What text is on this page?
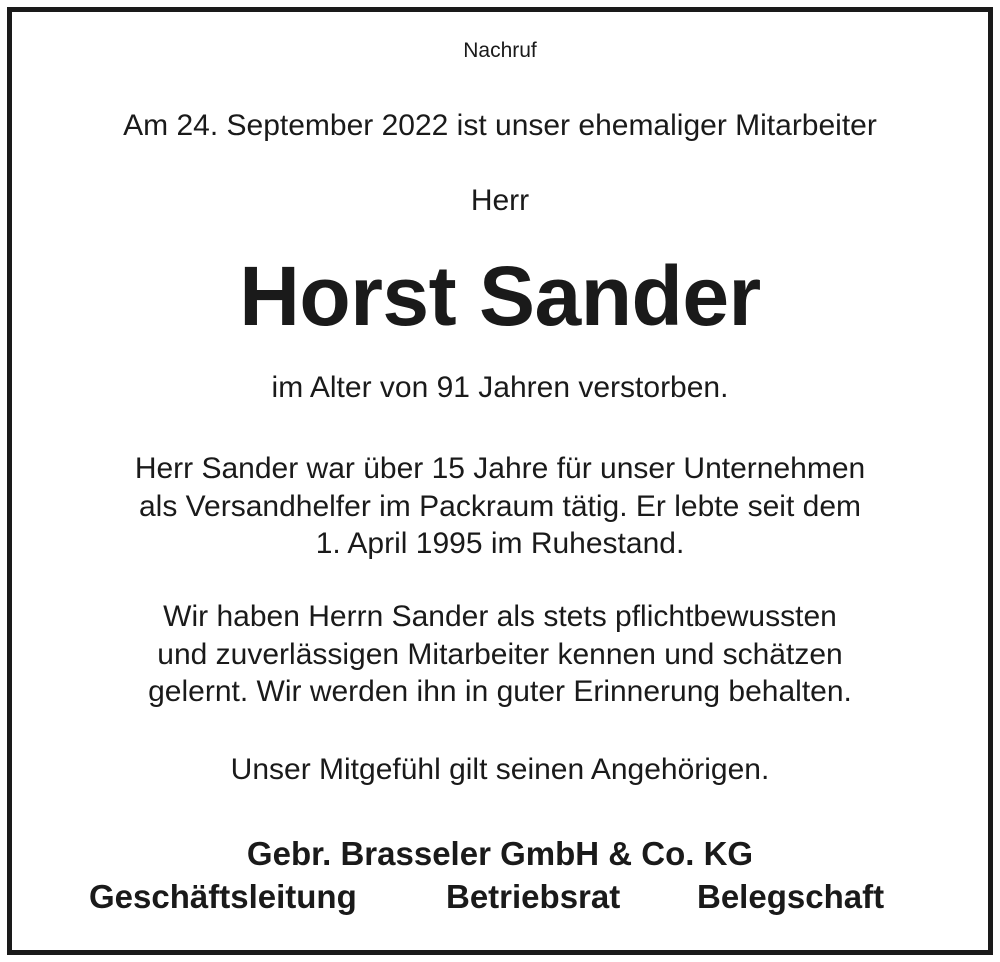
Nachruf
Am 24. September 2022 ist unser ehemaliger Mitarbeiter
Herr
Horst Sander
im Alter von 91 Jahren verstorben.
Herr Sander war über 15 Jahre für unser Unternehmen
als Versandhelfer im Packraum tätig. Er lebte seit dem
1. April 1995 im Ruhestand.
Wir haben Herrn Sander als stets pflichtbewussten
und zuverlässigen Mitarbeiter kennen und schätzen
gelernt. Wir werden ihn in guter Erinnerung behalten.
Unser Mitgefühl gilt seinen Angehörigen.
Gebr. Brasseler GmbH & Co. KG
Geschäftsleitung	Betriebsrat Belegschaft
